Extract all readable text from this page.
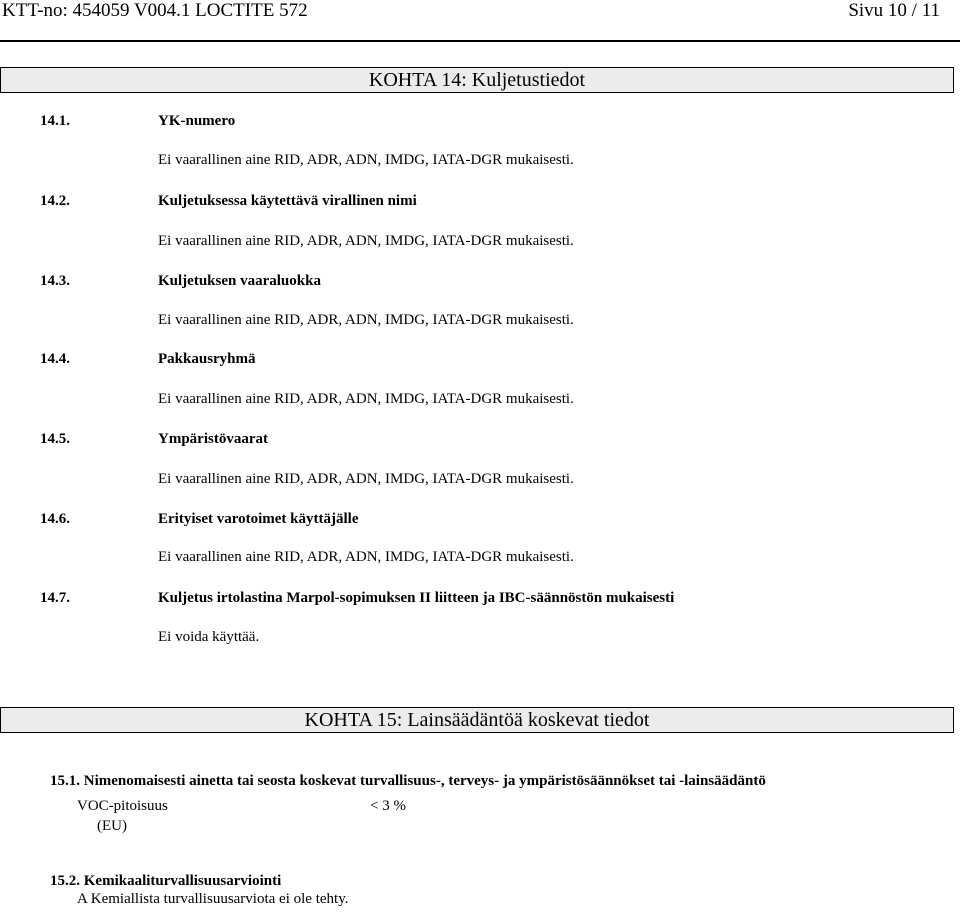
KTT-no: 454059 V004.1 LOCTITE 572	Sivu 10 / 11
KOHTA 14: Kuljetustiedot
14.1.	YK-numero
Ei vaarallinen aine RID, ADR, ADN, IMDG, IATA-DGR mukaisesti.
14.2.	Kuljetuksessa käytettävä virallinen nimi
Ei vaarallinen aine RID, ADR, ADN, IMDG, IATA-DGR mukaisesti.
14.3.	Kuljetuksen vaaraluokka
Ei vaarallinen aine RID, ADR, ADN, IMDG, IATA-DGR mukaisesti.
14.4.	Pakkausryhmä
Ei vaarallinen aine RID, ADR, ADN, IMDG, IATA-DGR mukaisesti.
14.5.	Ympäristövaarat
Ei vaarallinen aine RID, ADR, ADN, IMDG, IATA-DGR mukaisesti.
14.6.	Erityiset varotoimet käyttäjälle
Ei vaarallinen aine RID, ADR, ADN, IMDG, IATA-DGR mukaisesti.
14.7.	Kuljetus irtolastina Marpol-sopimuksen II liitteen ja IBC-säännöstön mukaisesti
Ei voida käyttää.
KOHTA 15: Lainsäädäntöä koskevat tiedot
15.1. Nimenomaisesti ainetta tai seosta koskevat turvallisuus-, terveys- ja ympäristösäännökset tai -lainsäädäntö
VOC-pitoisuus	< 3 %
(EU)
15.2. Kemikaaliturvallisuusarviointi
A Kemiallista turvallisuusarviota ei ole tehty.
